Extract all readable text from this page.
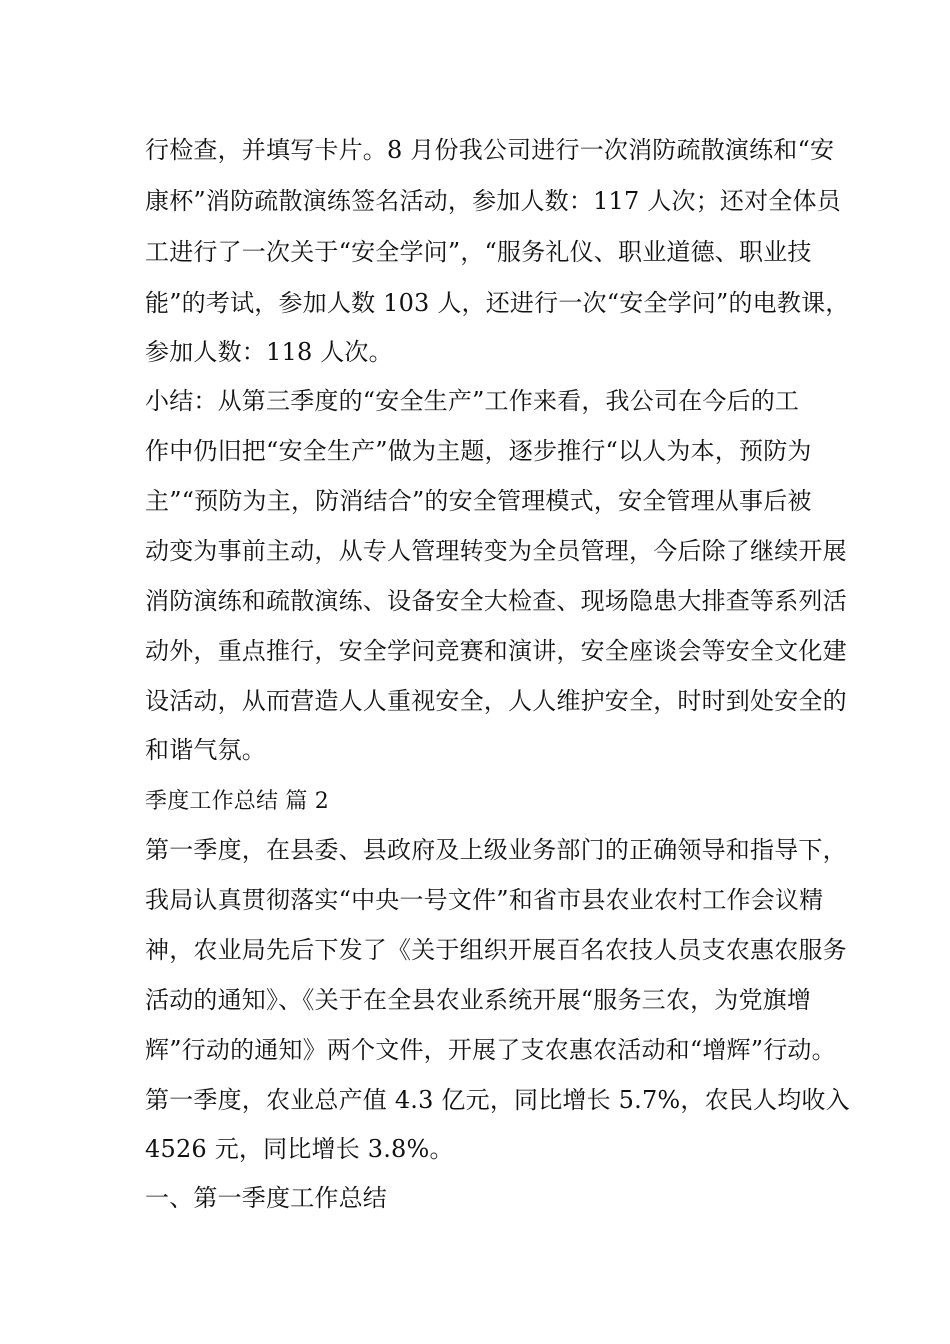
行检查，并填写卡片。8 月份我公司进行一次消防疏散演练和“安
康杯”消防疏散演练签名活动，参加人数：117 人次；还对全体员
工进行了一次关于“安全学问”，“服务礼仪、职业道德、职业技
能”的考试，参加人数 103 人，还进行一次“安全学问”的电教课，
参加人数：118 人次。
小结：从第三季度的“安全生产”工作来看，我公司在今后的工
作中仍旧把“安全生产”做为主题，逐步推行“以人为本，预防为
主”“预防为主，防消结合”的安全管理模式，安全管理从事后被
动变为事前主动，从专人管理转变为全员管理，今后除了继续开展
消防演练和疏散演练、设备安全大检查、现场隐患大排查等系列活
动外，重点推行，安全学问竞赛和演讲，安全座谈会等安全文化建
设活动，从而营造人人重视安全，人人维护安全，时时到处安全的
和谐气氛。
季度工作总结 篇 2
第一季度，在县委、县政府及上级业务部门的正确领导和指导下，
我局认真贯彻落实“中央一号文件”和省市县农业农村工作会议精
神，农业局先后下发了《关于组织开展百名农技人员支农惠农服务
活动的通知》、《关于在全县农业系统开展“服务三农，为党旗增
辉”行动的通知》两个文件，开展了支农惠农活动和“增辉”行动。
第一季度，农业总产值 4.3 亿元，同比增长 5.7%，农民人均收入
4526 元，同比增长 3.8%。
一、第一季度工作总结
